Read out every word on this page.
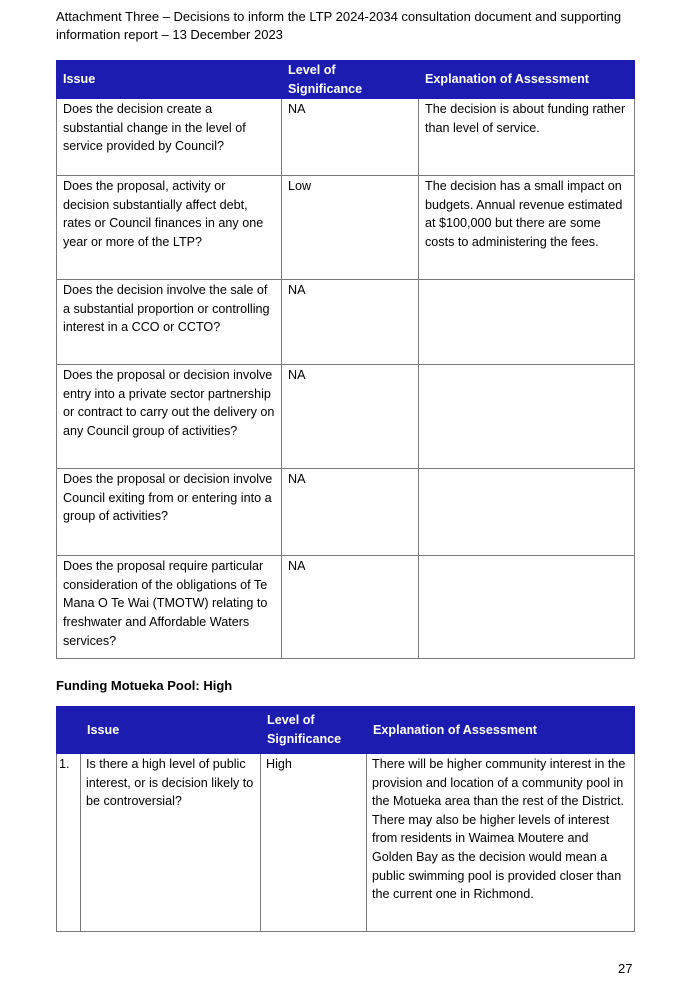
Attachment Three – Decisions to inform the LTP 2024-2034 consultation document and supporting
information report – 13 December 2023
Issue	Level of Significance	Explanation of Assessment
Does the decision create a substantial change in the level of service provided by Council?	NA	The decision is about funding rather than level of service.
Does the proposal, activity or decision substantially affect debt, rates or Council finances in any one year or more of the LTP?	Low	The decision has a small impact on budgets. Annual revenue estimated at $100,000 but there are some costs to administering the fees.
Does the decision involve the sale of a substantial proportion or controlling interest in a CCO or CCTO?	NA	
Does the proposal or decision involve entry into a private sector partnership or contract to carry out the delivery on any Council group of activities?	NA	
Does the proposal or decision involve Council exiting from or entering into a group of activities?	NA	
Does the proposal require particular consideration of the obligations of Te Mana O Te Wai (TMOTW) relating to freshwater and Affordable Waters services?	NA	
Funding Motueka Pool: High
	Issue	Level of Significance	Explanation of Assessment
1.	Is there a high level of public interest, or is decision likely to be controversial?	High	There will be higher community interest in the provision and location of a community pool in the Motueka area than the rest of the District. There may also be higher levels of interest from residents in Waimea Moutere and Golden Bay as the decision would mean a public swimming pool is provided closer than the current one in Richmond.
27
